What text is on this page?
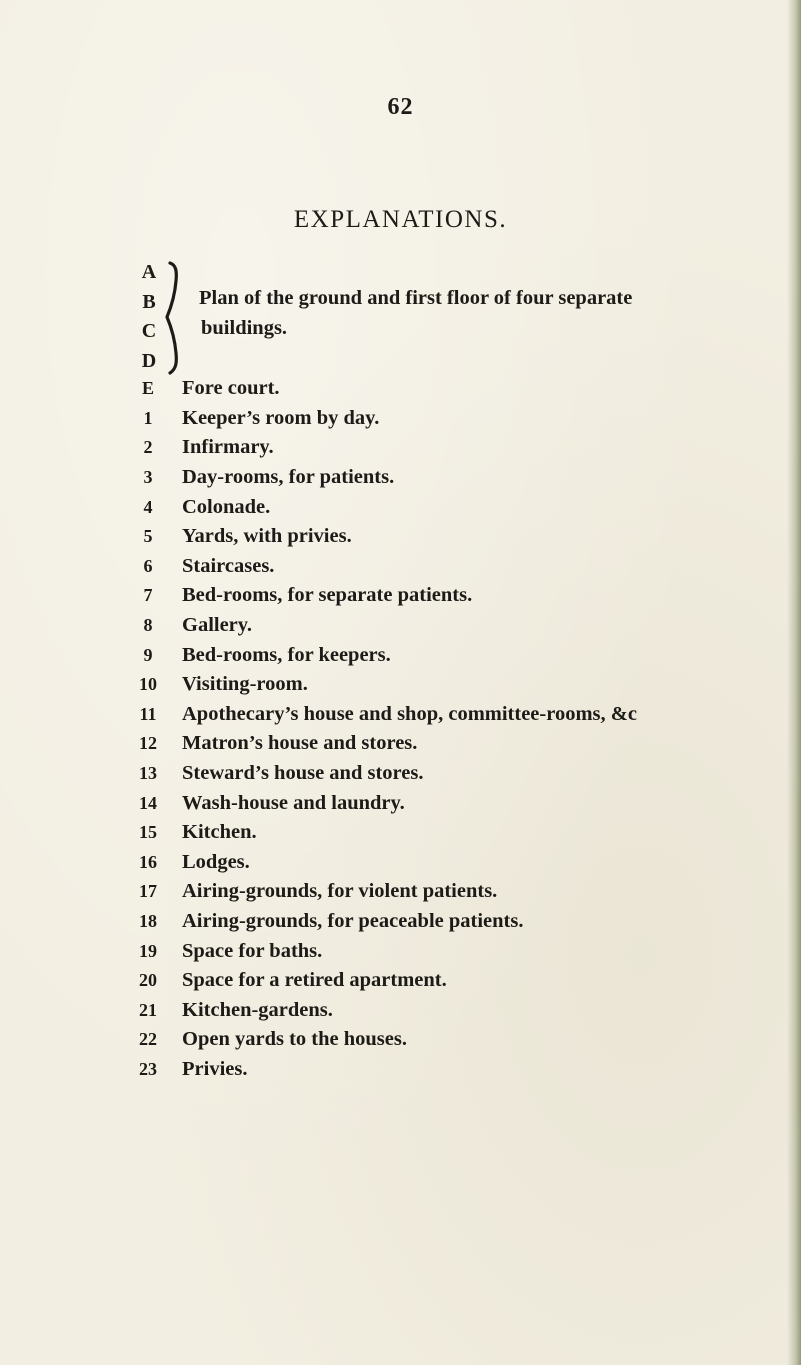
62
EXPLANATIONS.
A
B
C
D
Plan of the ground and first floor of four separate
buildings.
E	Fore court.
1	Keeper’s room by day.
2	Infirmary.
3	Day-rooms, for patients.
4	Colonade.
5	Yards, with privies.
6	Staircases.
7	Bed-rooms, for separate patients.
8	Gallery.
9	Bed-rooms, for keepers.
10	Visiting-room.
11	Apothecary’s house and shop, committee-rooms, &c
12	Matron’s house and stores.
13	Steward’s house and stores.
14	Wash-house and laundry.
15	Kitchen.
16	Lodges.
17	Airing-grounds, for violent patients.
18	Airing-grounds, for peaceable patients.
19	Space for baths.
20	Space for a retired apartment.
21	Kitchen-gardens.
22	Open yards to the houses.
23	Privies.
